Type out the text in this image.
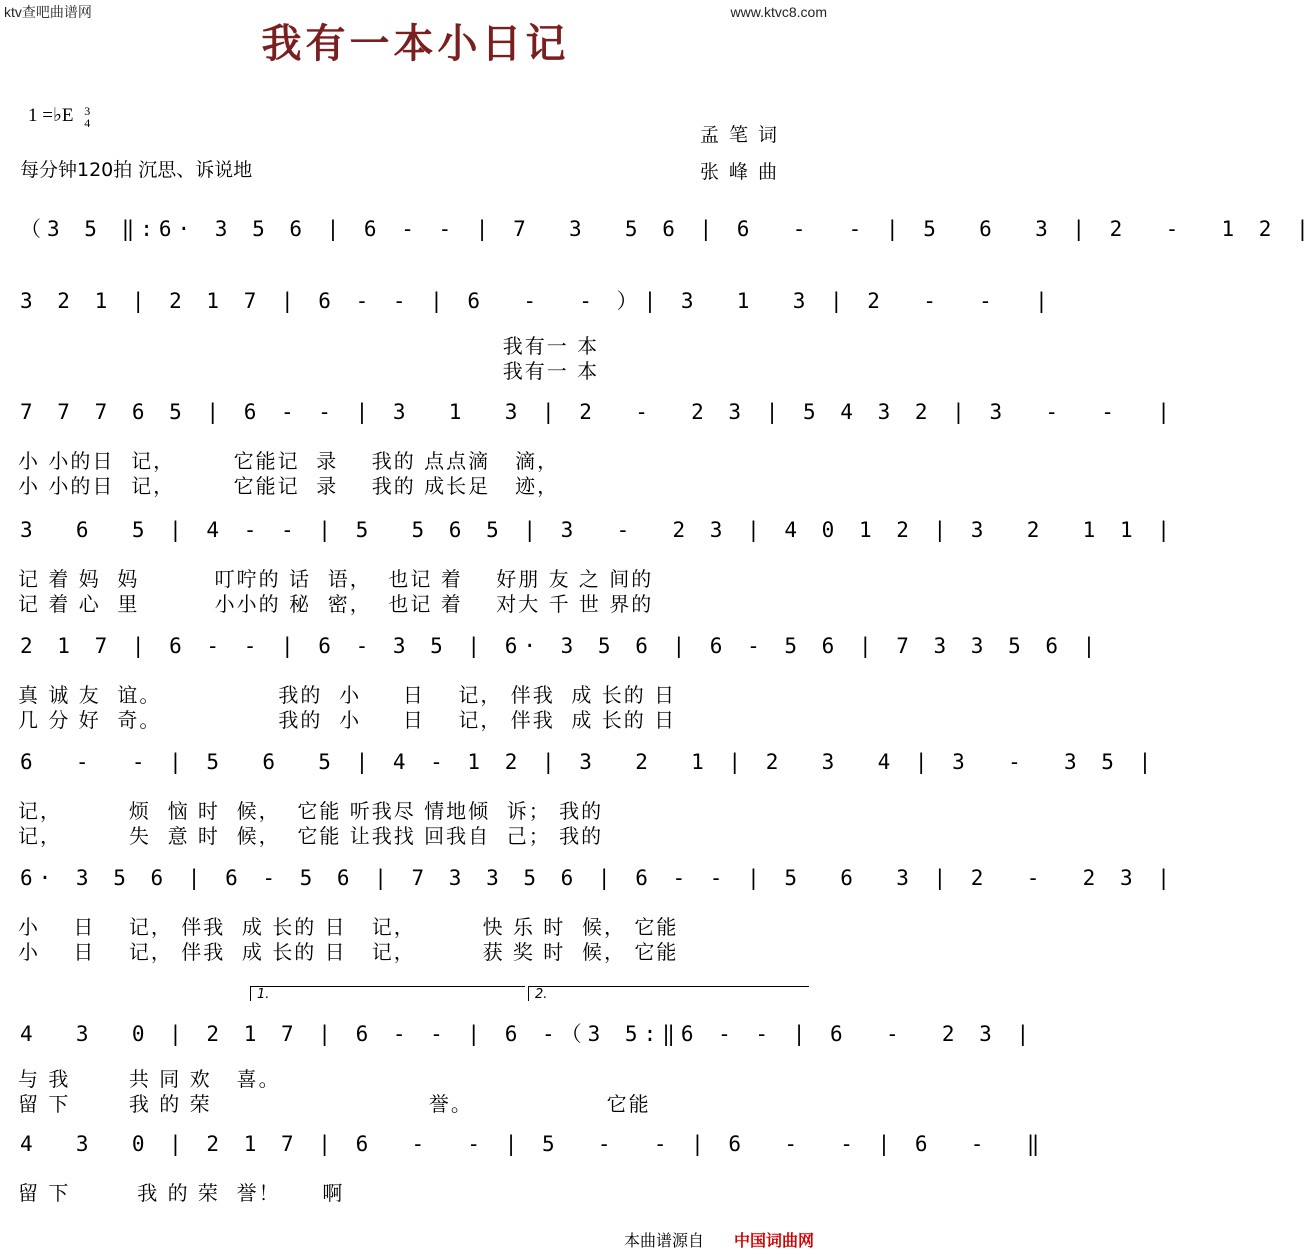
ktv查吧曲谱网	www.ktvc8.com
我有一本小日记
1 =♭E 3
4
每分钟120拍 沉思、诉说地
孟笔词
张峰曲
（3 5 ‖:6· 3 5 6 | 6 - - | 7  3  5 6 | 6  -  - | 5  6  3 | 2  -  1 2 |
3 2 1 | 2 1 7 | 6 - - | 6  -  - ）| 3  1  3 | 2  -  -  |
我有一 本
我有一 本
7 7 7 6 5 | 6 - - | 3  1  3 | 2  -  2 3 | 5 4 3 2 | 3  -  -  |
小 小的日  记，       它能记  录    我的 点点滴   滴，
小 小的日  记，       它能记  录    我的 成长足   迹，
3  6  5 | 4 - - | 5  5 6 5 | 3  -  2 3 | 4 0 1 2 | 3  2  1 1 |
记 着 妈  妈         叮咛的 话  语，  也记 着    好朋 友 之 间的
记 着 心  里         小小的 秘  密，  也记 着    对大 千 世 界的
2 1 7 | 6 - - | 6 - 3 5 | 6· 3 5 6 | 6 - 5 6 | 7 3 3 5 6 |
真 诚 友  谊。              我的  小     日    记， 伴我  成 长的 日
几 分 好  奇。              我的  小     日    记， 伴我  成 长的 日
6  -  - | 5  6  5 | 4 - 1 2 | 3  2  1 | 2  3  4 | 3  -  3 5 |
记，        烦  恼 时  候，  它能 听我尽 情地倾  诉； 我的
记，        失  意 时  候，  它能 让我找 回我自  己； 我的
6· 3 5 6 | 6 - 5 6 | 7 3 3 5 6 | 6 - - | 5  6  3 | 2  -  2 3 |
小    日    记， 伴我  成 长的 日   记，        快 乐 时  候， 它能
小    日    记， 伴我  成 长的 日   记，        获 奖 时  候， 它能
1.	2.
4  3  0 | 2 1 7 | 6 - - | 6 -（3 5:‖6 - - | 6  -  2 3 |
与 我       共 同 欢   喜。
留 下       我 的 荣                          誉。                它能
4  3  0 | 2 1 7 | 6  -  - | 5  -  - | 6  -  - | 6  -  ‖
留 下        我 的 荣  誉！     啊
本曲谱源自 中国词曲网
